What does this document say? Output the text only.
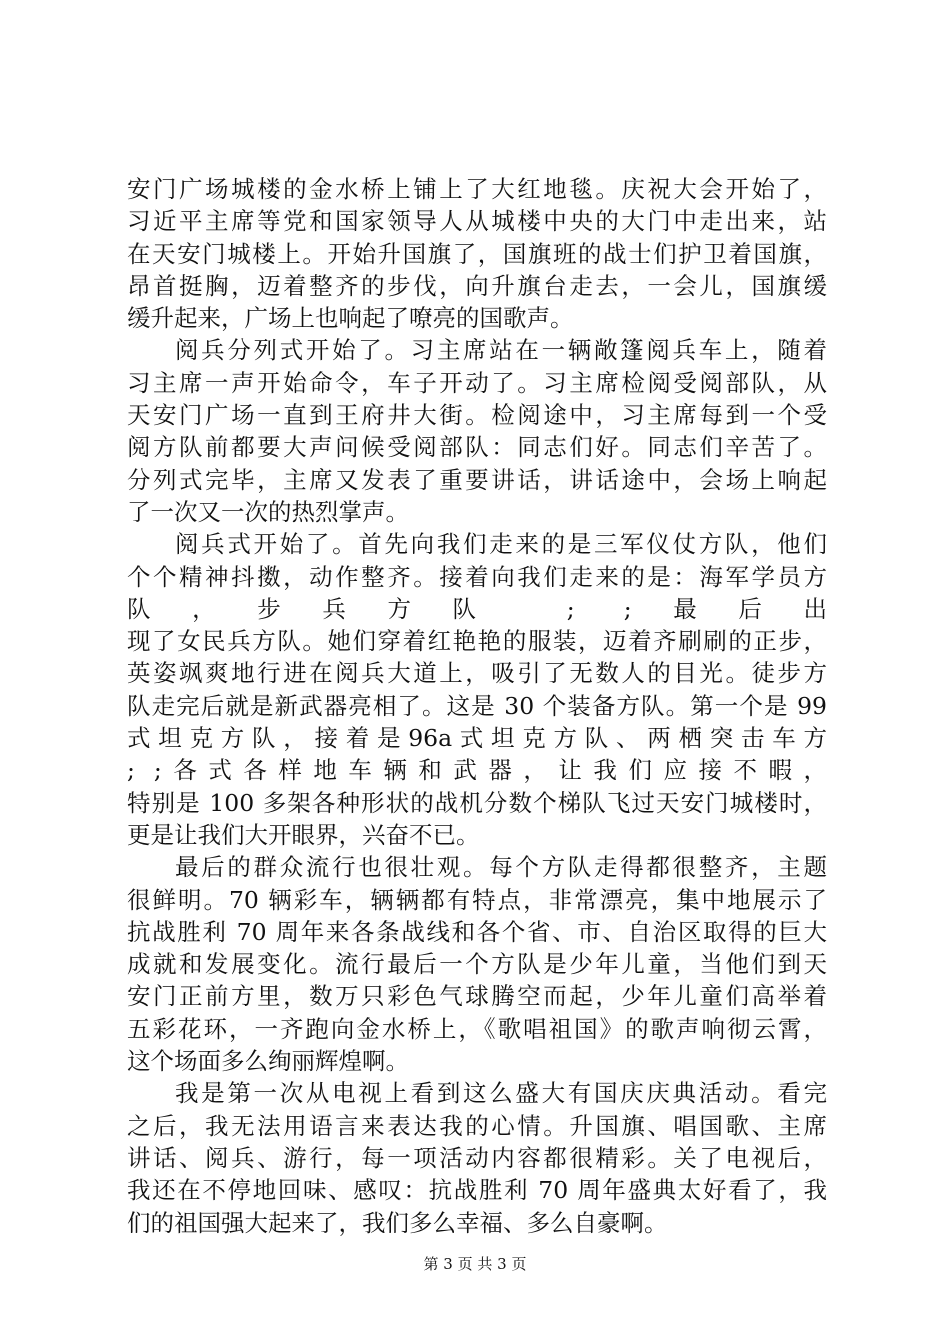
安门广场城楼的金水桥上铺上了大红地毯。庆祝大会开始了，
习近平主席等党和国家领导人从城楼中央的大门中走出来，站
在天安门城楼上。开始升国旗了，国旗班的战士们护卫着国旗，
昂首挺胸，迈着整齐的步伐，向升旗台走去，一会儿，国旗缓
缓升起来，广场上也响起了嘹亮的国歌声。
阅兵分列式开始了。习主席站在一辆敞篷阅兵车上，随着
习主席一声开始命令，车子开动了。习主席检阅受阅部队，从
天安门广场一直到王府井大街。检阅途中，习主席每到一个受
阅方队前都要大声问候受阅部队：同志们好。同志们辛苦了。
分列式完毕，主席又发表了重要讲话，讲话途中，会场上响起
了一次又一次的热烈掌声。
阅兵式开始了。首先向我们走来的是三军仪仗方队，他们
个个精神抖擞，动作整齐。接着向我们走来的是：海军学员方
队，步兵方队 ; ;最后出
现了女民兵方队。她们穿着红艳艳的服装，迈着齐刷刷的正步，
英姿飒爽地行进在阅兵大道上，吸引了无数人的目光。徒步方
队走完后就是新武器亮相了。这是 30 个装备方队。第一个是 99
式 坦 克 方 队 ， 接 着 是 96a 式 坦 克 方 队 、 两 栖 突 击 车 方
; ;各式各样地车辆和武器，让我们应接不暇，
特别是 100 多架各种形状的战机分数个梯队飞过天安门城楼时，
更是让我们大开眼界，兴奋不已。
最后的群众流行也很壮观。每个方队走得都很整齐，主题
很鲜明。70 辆彩车，辆辆都有特点，非常漂亮，集中地展示了
抗战胜利 70 周年来各条战线和各个省、市、自治区取得的巨大
成就和发展变化。流行最后一个方队是少年儿童，当他们到天
安门正前方里，数万只彩色气球腾空而起，少年儿童们高举着
五彩花环，一齐跑向金水桥上，《歌唱祖国》的歌声响彻云霄，
这个场面多么绚丽辉煌啊。
我是第一次从电视上看到这么盛大有国庆庆典活动。看完
之后，我无法用语言来表达我的心情。升国旗、唱国歌、主席
讲话、阅兵、游行，每一项活动内容都很精彩。关了电视后，
我还在不停地回味、感叹：抗战胜利 70 周年盛典太好看了，我
们的祖国强大起来了，我们多么幸福、多么自豪啊。
第 3 页 共 3 页
